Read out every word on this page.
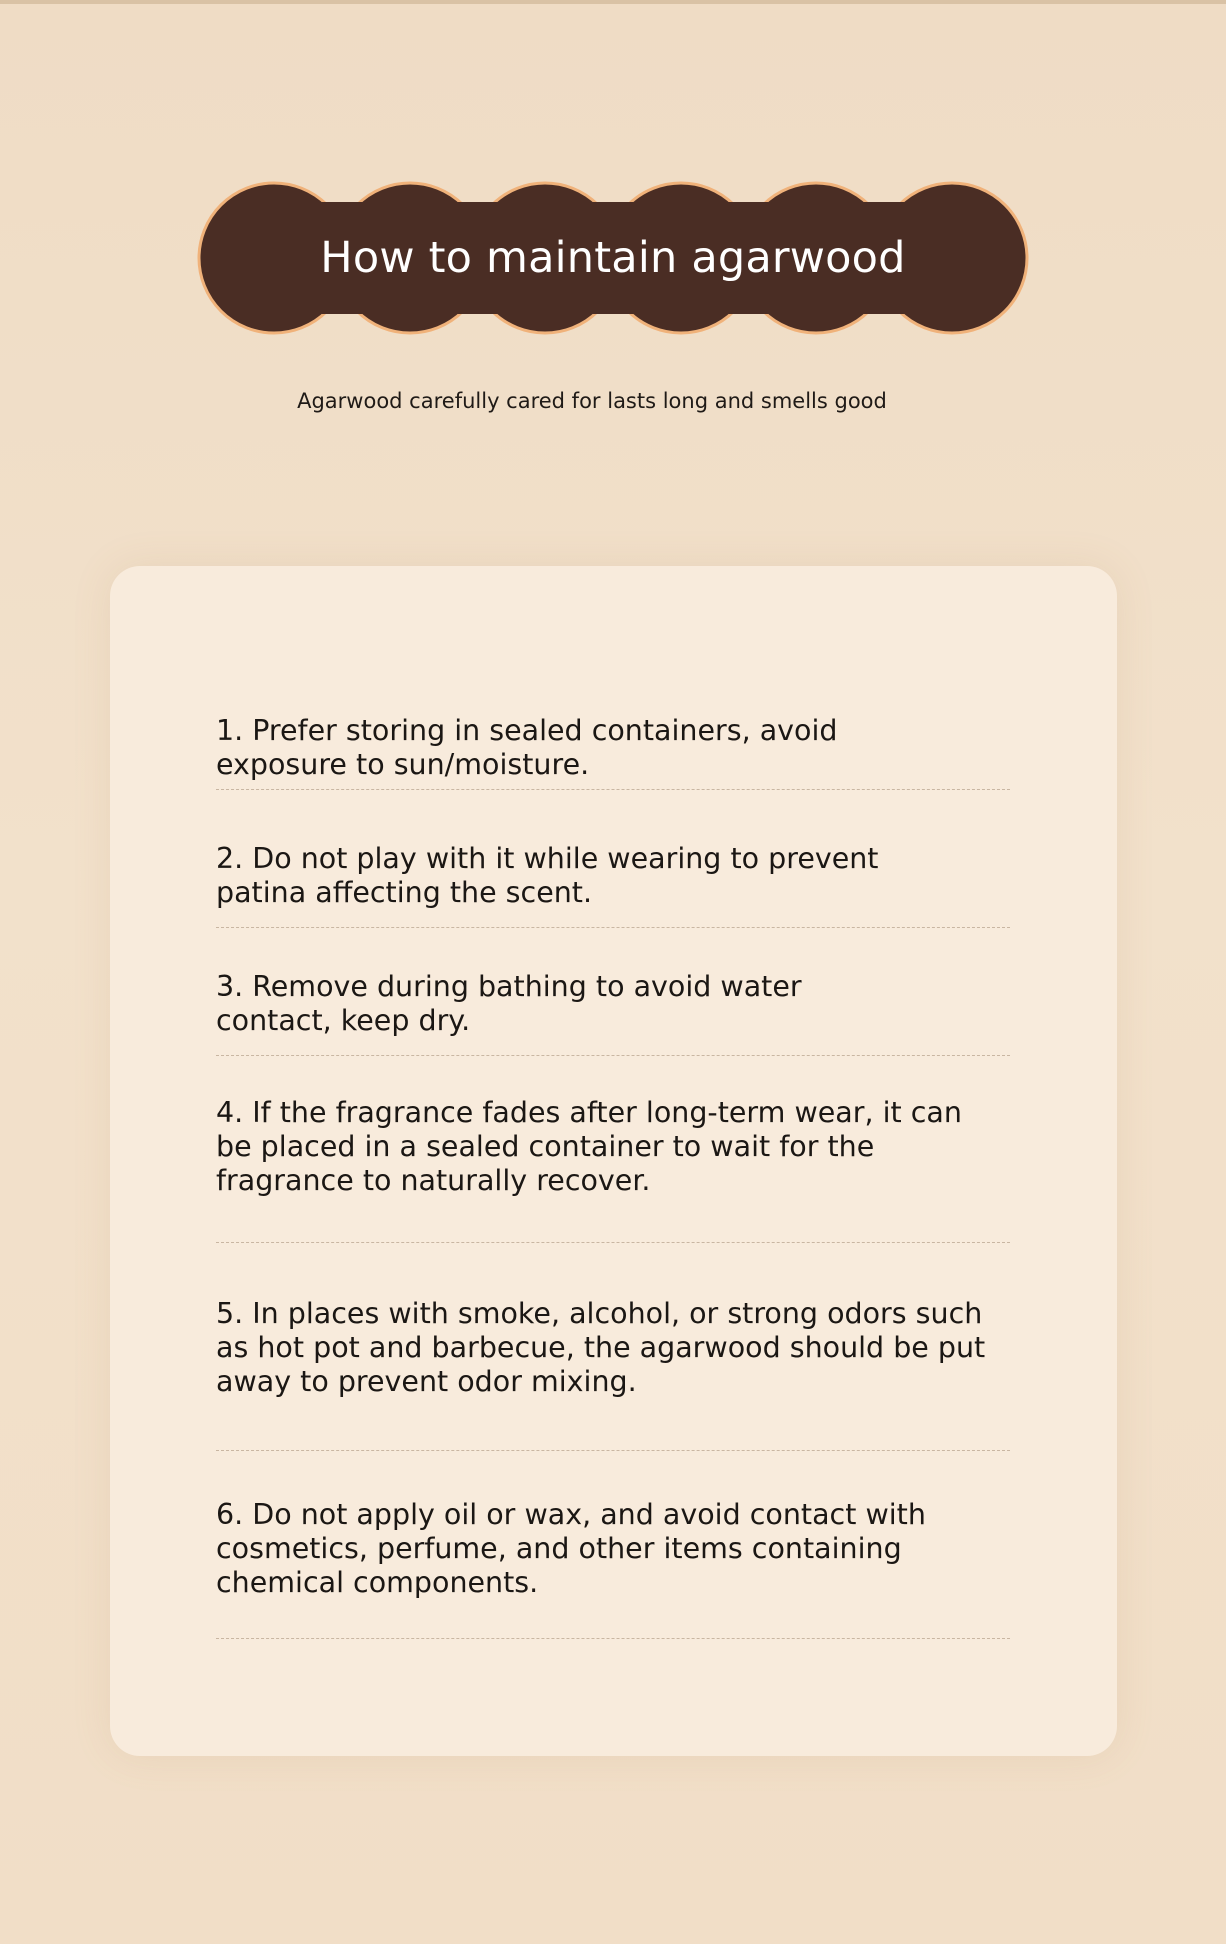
How to maintain agarwood
Agarwood carefully cared for lasts long and smells good
1. Prefer storing in sealed containers, avoid exposure to sun/moisture.
2. Do not play with it while wearing to prevent patina affecting the scent.
3. Remove during bathing to avoid water contact, keep dry.
4. If the fragrance fades after long-term wear, it can be placed in a sealed container to wait for the fragrance to naturally recover.
5. In places with smoke, alcohol, or strong odors such as hot pot and barbecue, the agarwood should be put away to prevent odor mixing.
6. Do not apply oil or wax, and avoid contact with cosmetics, perfume, and other items containing chemical components.
